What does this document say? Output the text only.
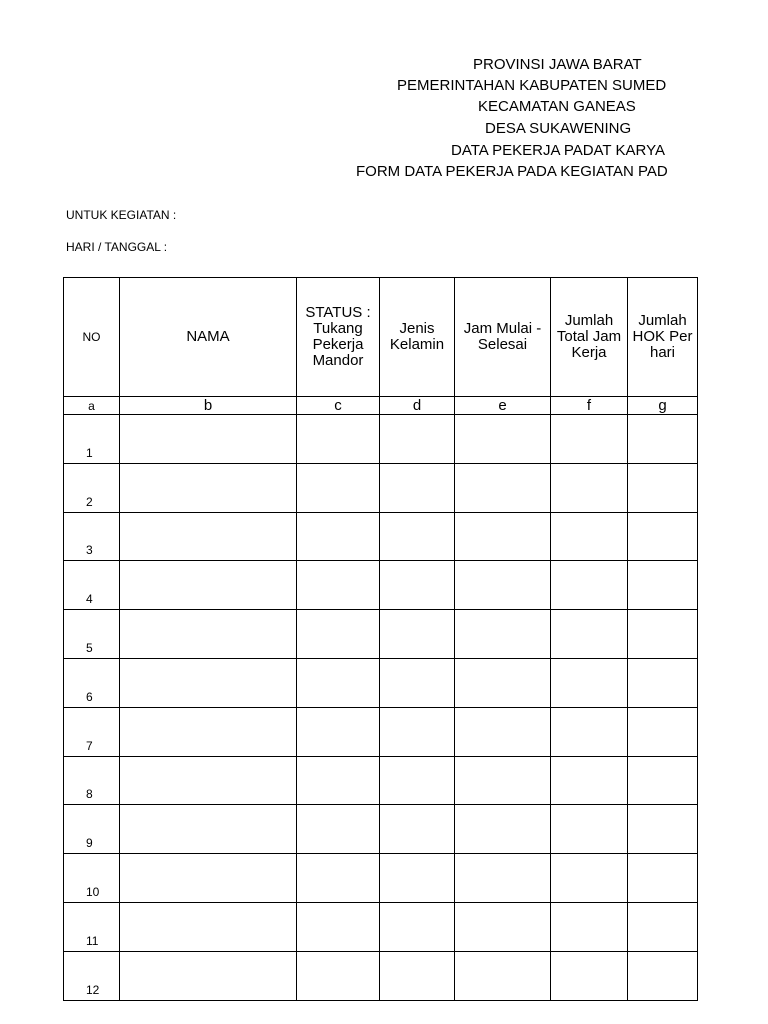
PROVINSI JAWA BARAT
PEMERINTAHAN KABUPATEN SUMED
KECAMATAN GANEAS
DESA SUKAWENING
DATA PEKERJA PADAT KARYA
FORM DATA PEKERJA PADA KEGIATAN PAD
UNTUK KEGIATAN :
HARI / TANGGAL :
NO	NAMA	STATUS : Tukang Pekerja Mandor	Jenis Kelamin	Jam Mulai - Selesai	Jumlah Total Jam Kerja	Jumlah HOK Per hari

a	b	c	d	e	f	g
1						
2						
3						
4						
5						
6						
7						
8						
9						
10						
11						
12						
